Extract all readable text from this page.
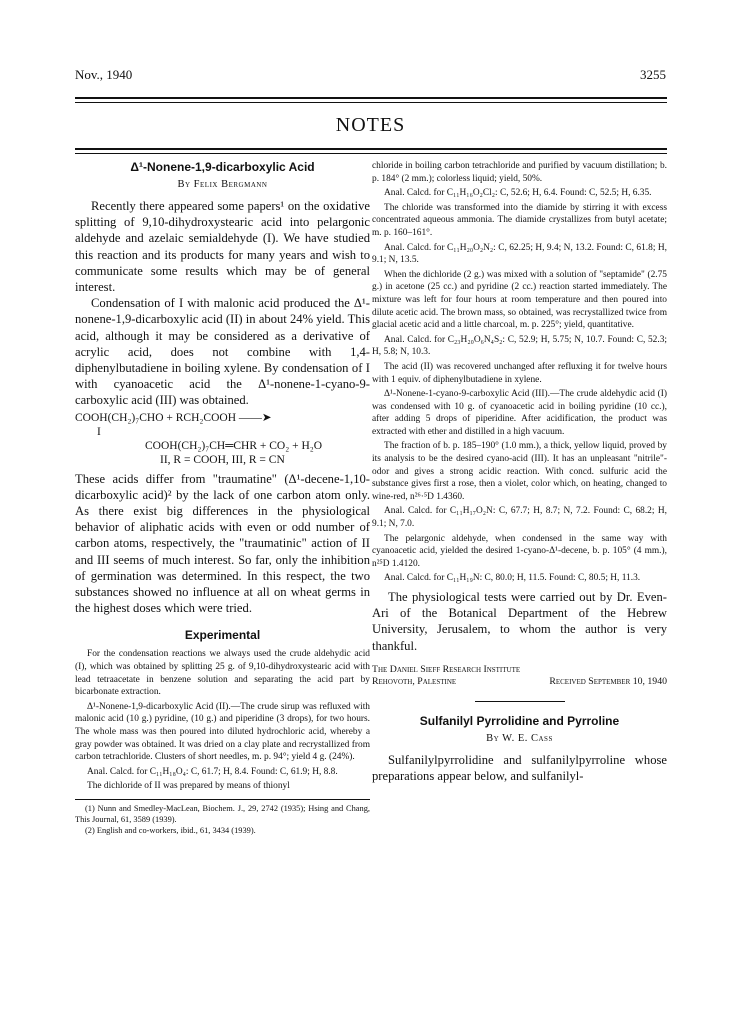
Nov., 1940	3255
NOTES
Δ¹-Nonene-1,9-dicarboxylic Acid
By Felix Bergmann

Recently there appeared some papers¹ on the oxidative splitting of 9,10-dihydroxystearic acid into pelargonic aldehyde and azelaic semialdehyde (I). We have studied this reaction and its products for many years and wish to communicate some results which may be of general interest.

Condensation of I with malonic acid produced the Δ¹-nonene-1,9-dicarboxylic acid (II) in about 24% yield. This acid, although it may be considered as a derivative of acrylic acid, does not combine with 1,4-diphenylbutadiene in boiling xylene. By condensation of I with cyanoacetic acid the Δ¹-nonene-1-cyano-9-carboxylic acid (III) was obtained.

COOH(CH₂)₇CHO + RCH₂COOH ——➤
I
COOH(CH₂)₇CH═CHR + CO₂ + H₂O
II, R = COOH, III, R = CN

These acids differ from "traumatine" (Δ¹-decene-1,10-dicarboxylic acid)² by the lack of one carbon atom only. As there exist big differences in the physiological behavior of aliphatic acids with even or odd number of carbon atoms, respectively, the "traumatinic" action of II and III seems of much interest. So far, only the inhibition of germination was determined. In this respect, the two substances showed no influence at all on wheat germs in the highest doses which were tried.

Experimental

For the condensation reactions we always used the crude aldehydic acid (I), which was obtained by splitting 25 g. of 9,10-dihydroxystearic acid with lead tetraacetate in benzene solution and separating the acid part by bicarbonate extraction.

Δ¹-Nonene-1,9-dicarboxylic Acid (II).—The crude sirup was refluxed with malonic acid (10 g.) pyridine, (10 g.) and piperidine (3 drops), for two hours. The whole mass was then poured into diluted hydrochloric acid, whereby a gray powder was obtained. It was dried on a clay plate and recrystallized from carbon tetrachloride. Clusters of short needles, m. p. 94°; yield 4 g. (24%).

Anal. Calcd. for C₁₁H₁₈O₄: C, 61.7; H, 8.4. Found: C, 61.9; H, 8.8.

The dichloride of II was prepared by means of thionyl

(1) Nunn and Smedley-MacLean, Biochem. J., 29, 2742 (1935); Hsing and Chang, This Journal, 61, 3589 (1939).

(2) English and co-workers, ibid., 61, 3434 (1939).

chloride in boiling carbon tetrachloride and purified by vacuum distillation; b. p. 184° (2 mm.); colorless liquid; yield, 50%.

Anal. Calcd. for C₁₁H₁₆O₂Cl₂: C, 52.6; H, 6.4. Found: C, 52.5; H, 6.35.

The chloride was transformed into the diamide by stirring it with excess concentrated aqueous ammonia. The diamide crystallizes from butyl acetate; m. p. 160–161°.

Anal. Calcd. for C₁₁H₂₀O₂N₂: C, 62.25; H, 9.4; N, 13.2. Found: C, 61.8; H, 9.1; N, 13.5.

When the dichloride (2 g.) was mixed with a solution of "septamide" (2.75 g.) in acetone (25 cc.) and pyridine (2 cc.) reaction started immediately. The mixture was left for four hours at room temperature and then poured into dilute acetic acid. The brown mass, so obtained, was recrystallized twice from glacial acetic acid and a little charcoal, m. p. 225°; yield, quantitative.

Anal. Calcd. for C₂₃H₂₀O₆N₄S₂: C, 52.9; H, 5.75; N, 10.7. Found: C, 52.3; H, 5.8; N, 10.3.

The acid (II) was recovered unchanged after refluxing it for twelve hours with 1 equiv. of diphenylbutadiene in xylene.

Δ¹-Nonene-1-cyano-9-carboxylic Acid (III).—The crude aldehydic acid (I) was condensed with 10 g. of cyanoacetic acid in boiling pyridine (10 cc.), after adding 5 drops of piperidine. After acidification, the product was extracted with ether and distilled in a high vacuum.

The fraction of b. p. 185–190° (1.0 mm.), a thick, yellow liquid, proved by its analysis to be the desired cyano-acid (III). It has an unpleasant "nitrile"-odor and gives a strong acidic reaction. With concd. sulfuric acid the substance gives first a rose, then a violet, color which, on heating, changed to wine-red, n²⁶·⁵D 1.4360.

Anal. Calcd. for C₁₁H₁₇O₂N: C, 67.7; H, 8.7; N, 7.2. Found: C, 68.2; H, 9.1; N, 7.0.

The pelargonic aldehyde, when condensed in the same way with cyanoacetic acid, yielded the desired 1-cyano-Δ¹-decene, b. p. 105° (4 mm.), n²⁵D 1.4120.

Anal. Calcd. for C₁₁H₁₉N: C, 80.0; H, 11.5. Found: C, 80.5; H, 11.3.

The physiological tests were carried out by Dr. Even-Ari of the Botanical Department of the Hebrew University, Jerusalem, to whom the author is very thankful.

The Daniel Sieff Research Institute
Rehovoth, Palestine	Received September 10, 1940
Sulfanilyl Pyrrolidine and Pyrroline
By W. E. Cass

Sulfanilylpyrrolidine and sulfanilylpyrroline whose preparations appear below, and sulfanilyl-
